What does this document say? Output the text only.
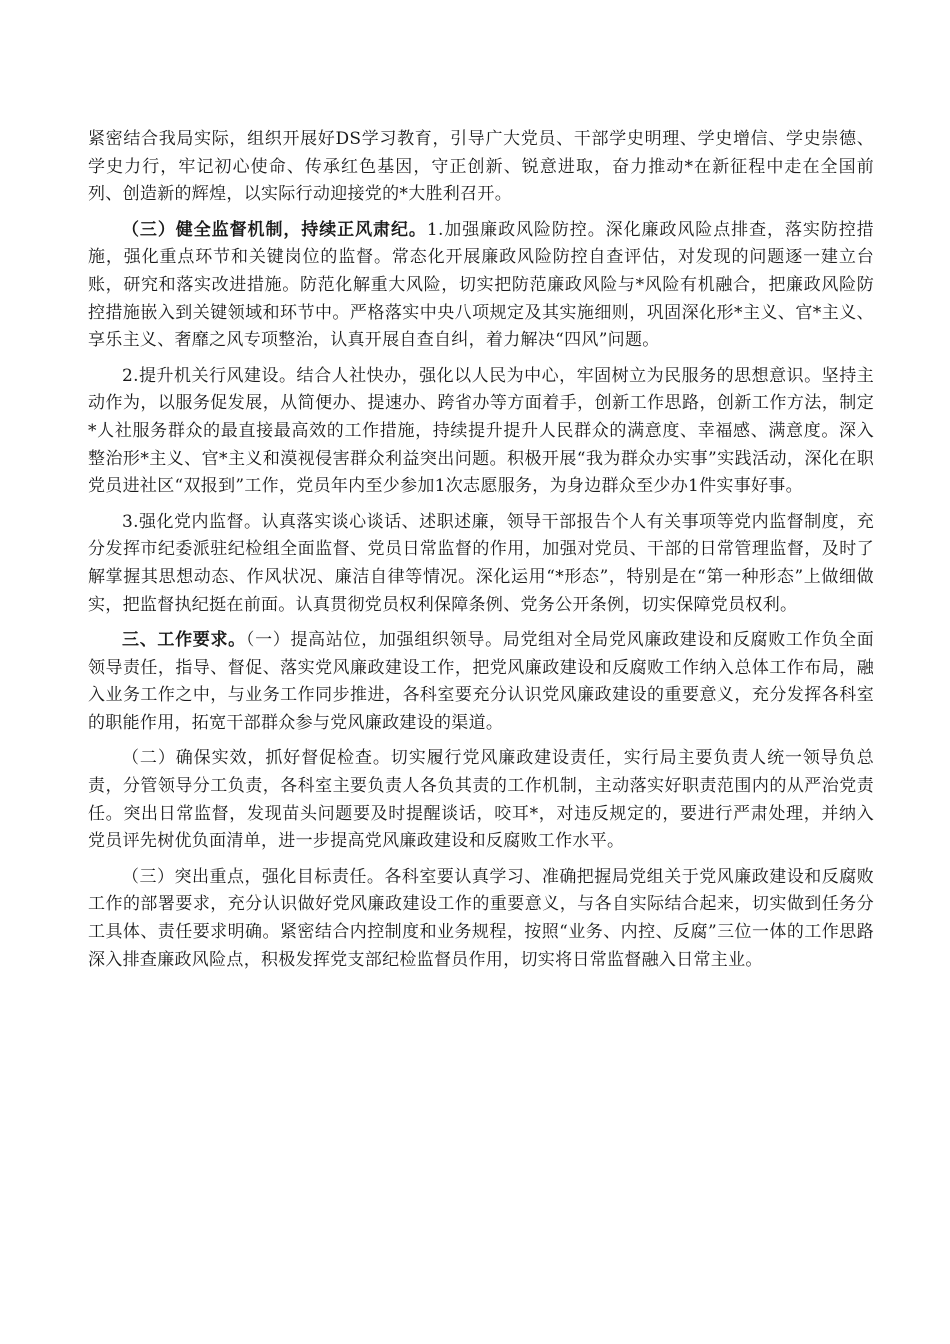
紧密结合我局实际，组织开展好DS学习教育，引导广大党员、干部学史明理、学史增信、学史崇德、学史力行，牢记初心使命、传承红色基因，守正创新、锐意进取，奋力推动*在新征程中走在全国前列、创造新的辉煌，以实际行动迎接党的*大胜利召开。

（三）健全监督机制，持续正风肃纪。1.加强廉政风险防控。深化廉政风险点排查，落实防控措施，强化重点环节和关键岗位的监督。常态化开展廉政风险防控自查评估，对发现的问题逐一建立台账，研究和落实改进措施。防范化解重大风险，切实把防范廉政风险与*风险有机融合，把廉政风险防控措施嵌入到关键领域和环节中。严格落实中央八项规定及其实施细则，巩固深化形*主义、官*主义、享乐主义、奢靡之风专项整治，认真开展自查自纠，着力解决“四风”问题。

2.提升机关行风建设。结合人社快办，强化以人民为中心，牢固树立为民服务的思想意识。坚持主动作为，以服务促发展，从简便办、提速办、跨省办等方面着手，创新工作思路，创新工作方法，制定*人社服务群众的最直接最高效的工作措施，持续提升提升人民群众的满意度、幸福感、满意度。深入整治形*主义、官*主义和漠视侵害群众利益突出问题。积极开展“我为群众办实事”实践活动，深化在职党员进社区“双报到”工作，党员年内至少参加1次志愿服务，为身边群众至少办1件实事好事。

3.强化党内监督。认真落实谈心谈话、述职述廉，领导干部报告个人有关事项等党内监督制度，充分发挥市纪委派驻纪检组全面监督、党员日常监督的作用，加强对党员、干部的日常管理监督，及时了解掌握其思想动态、作风状况、廉洁自律等情况。深化运用“*形态”，特别是在“第一种形态”上做细做实，把监督执纪挺在前面。认真贯彻党员权利保障条例、党务公开条例，切实保障党员权利。

三、工作要求。（一）提高站位，加强组织领导。局党组对全局党风廉政建设和反腐败工作负全面领导责任，指导、督促、落实党风廉政建设工作，把党风廉政建设和反腐败工作纳入总体工作布局，融入业务工作之中，与业务工作同步推进，各科室要充分认识党风廉政建设的重要意义，充分发挥各科室的职能作用，拓宽干部群众参与党风廉政建设的渠道。

（二）确保实效，抓好督促检查。切实履行党风廉政建设责任，实行局主要负责人统一领导负总责，分管领导分工负责，各科室主要负责人各负其责的工作机制，主动落实好职责范围内的从严治党责任。突出日常监督，发现苗头问题要及时提醒谈话，咬耳*，对违反规定的，要进行严肃处理，并纳入党员评先树优负面清单，进一步提高党风廉政建设和反腐败工作水平。

（三）突出重点，强化目标责任。各科室要认真学习、准确把握局党组关于党风廉政建设和反腐败工作的部署要求，充分认识做好党风廉政建设工作的重要意义，与各自实际结合起来，切实做到任务分工具体、责任要求明确。紧密结合内控制度和业务规程，按照“业务、内控、反腐”三位一体的工作思路深入排查廉政风险点，积极发挥党支部纪检监督员作用，切实将日常监督融入日常主业。
